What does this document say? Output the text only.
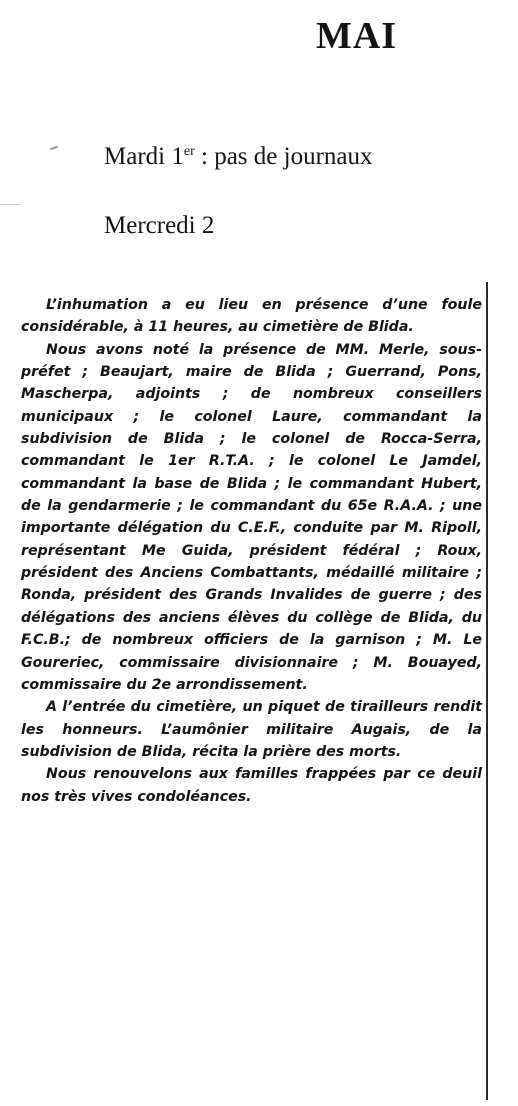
MAI
Mardi 1er : pas de journaux
Mercredi 2

L’inhumation a eu lieu en présence d’une foule considérable, à 11 heures, au cimetière de Blida.

Nous avons noté la présence de MM. Merle, sous-préfet ; Beaujart, maire de Blida ; Guerrand, Pons, Mascherpa, adjoints ; de nombreux conseillers municipaux ; le colonel Laure, commandant la subdivision de Blida ; le colonel de Rocca-Serra, commandant le 1er R.T.A. ; le colonel Le Jamdel, commandant la base de Blida ; le commandant Hubert, de la gendarmerie ; le commandant du 65e R.A.A. ; une importante délégation du C.E.F., conduite par M. Ripoll, représentant Me Guida, président fédéral ; Roux, président des Anciens Combattants, médaillé militaire ; Ronda, président des Grands Invalides de guerre ; des délégations des anciens élèves du collège de Blida, du F.C.B.; de nombreux officiers de la garnison ; M. Le Goureriec, commissaire divisionnaire ; M. Bouayed, commissaire du 2e arrondissement.

A l’entrée du cimetière, un piquet de tirailleurs rendit les honneurs. L’aumônier militaire Augais, de la subdivision de Blida, récita la prière des morts.

Nous renouvelons aux familles frappées par ce deuil nos très vives condoléances.
